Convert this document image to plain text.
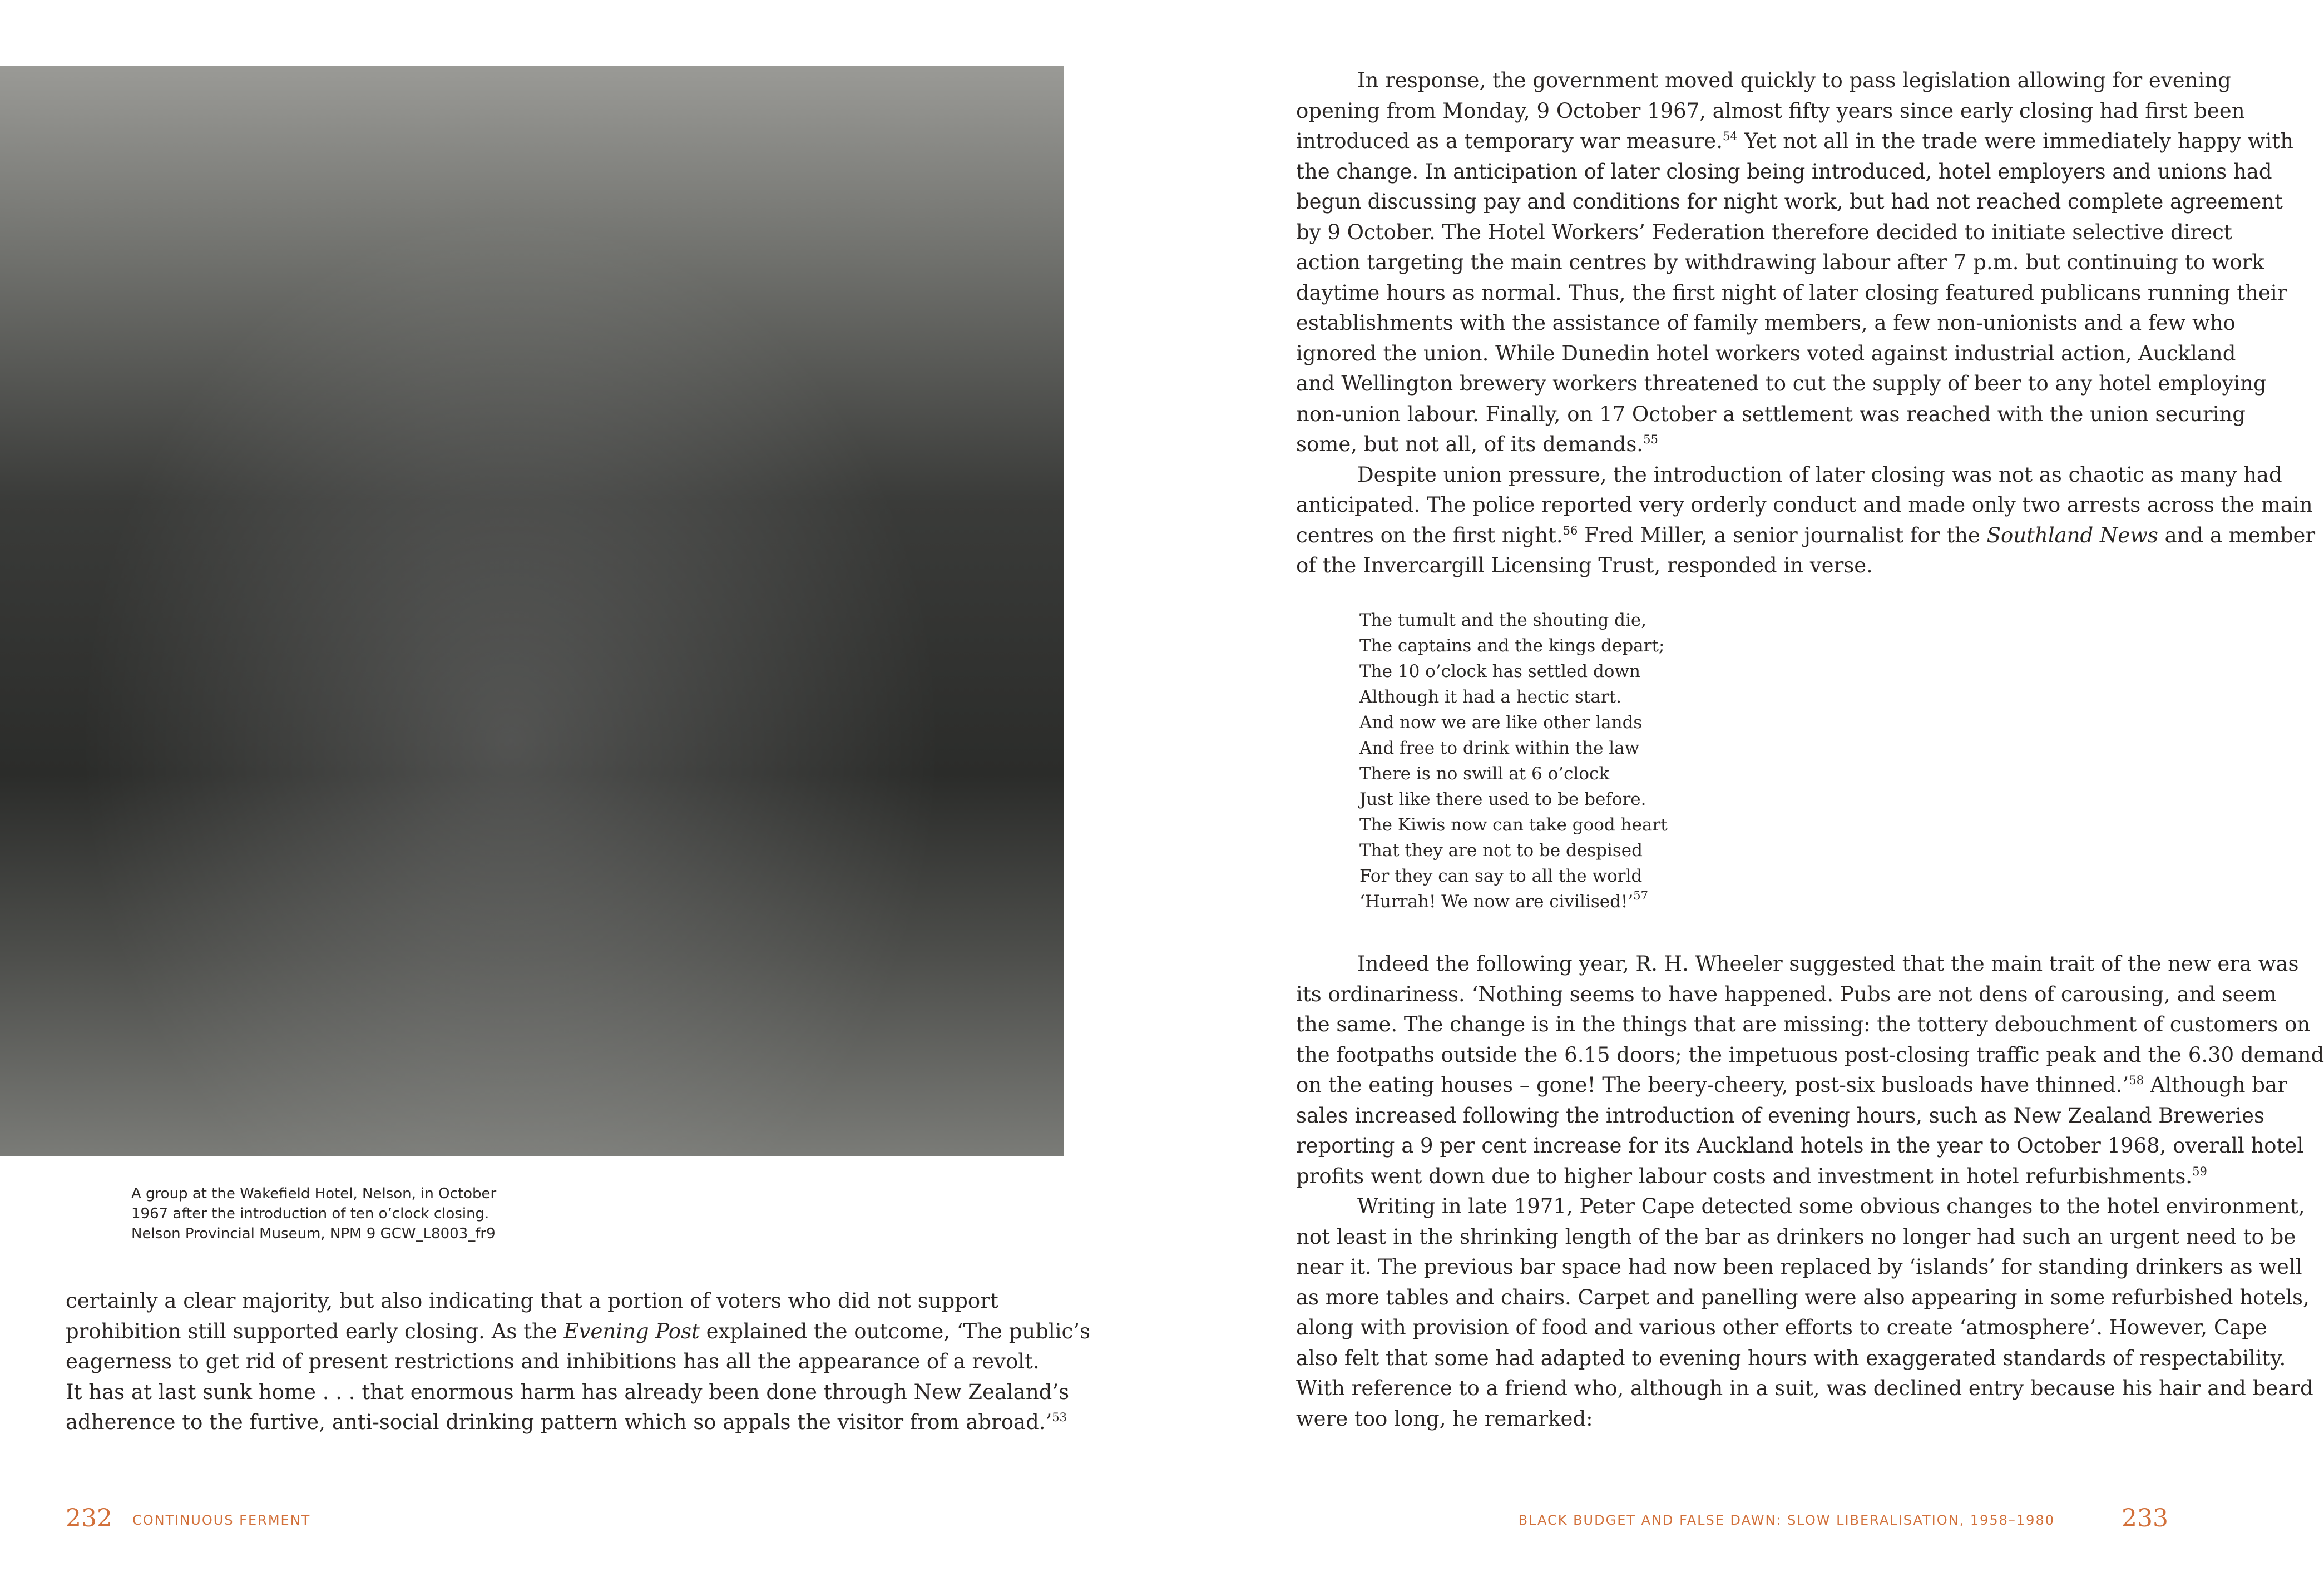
A group at the Wakefield Hotel, Nelson, in October
1967 after the introduction of ten o’clock closing.
Nelson Provincial Museum, NPM 9 GCW_L8003_fr9
certainly a clear majority, but also indicating that a portion of voters who did not support
prohibition still supported early closing. As the Evening Post explained the outcome, ‘The public’s
eagerness to get rid of present restrictions and inhibitions has all the appearance of a revolt.
It has at last sunk home . . . that enormous harm has already been done through New Zealand’s
adherence to the furtive, anti-social drinking pattern which so appals the visitor from abroad.’$^{53}$
232 CONTINUOUS FERMENT
In response, the government moved quickly to pass legislation allowing for evening
opening from Monday, 9 October 1967, almost fifty years since early closing had first been
introduced as a temporary war measure.$^{54}$ Yet not all in the trade were immediately happy with
the change. In anticipation of later closing being introduced, hotel employers and unions had
begun discussing pay and conditions for night work, but had not reached complete agreement
by 9 October. The Hotel Workers’ Federation therefore decided to initiate selective direct
action targeting the main centres by withdrawing labour after 7 p.m. but continuing to work
daytime hours as normal. Thus, the first night of later closing featured publicans running their
establishments with the assistance of family members, a few non-unionists and a few who
ignored the union. While Dunedin hotel workers voted against industrial action, Auckland
and Wellington brewery workers threatened to cut the supply of beer to any hotel employing
non-union labour. Finally, on 17 October a settlement was reached with the union securing
some, but not all, of its demands.$^{55}$
Despite union pressure, the introduction of later closing was not as chaotic as many had
anticipated. The police reported very orderly conduct and made only two arrests across the main
centres on the first night.$^{56}$ Fred Miller, a senior journalist for the Southland News and a member
of the Invercargill Licensing Trust, responded in verse.
The tumult and the shouting die,
The captains and the kings depart;
The 10 o’clock has settled down
Although it had a hectic start.
And now we are like other lands
And free to drink within the law
There is no swill at 6 o’clock
Just like there used to be before.
The Kiwis now can take good heart
That they are not to be despised
For they can say to all the world
‘Hurrah! We now are civilised!’$^{57}$
Indeed the following year, R. H. Wheeler suggested that the main trait of the new era was
its ordinariness. ‘Nothing seems to have happened. Pubs are not dens of carousing, and seem
the same. The change is in the things that are missing: the tottery debouchment of customers on
the footpaths outside the 6.15 doors; the impetuous post-closing traffic peak and the 6.30 demand
on the eating houses – gone! The beery-cheery, post-six busloads have thinned.’$^{58}$ Although bar
sales increased following the introduction of evening hours, such as New Zealand Breweries
reporting a 9 per cent increase for its Auckland hotels in the year to October 1968, overall hotel
profits went down due to higher labour costs and investment in hotel refurbishments.$^{59}$
Writing in late 1971, Peter Cape detected some obvious changes to the hotel environment,
not least in the shrinking length of the bar as drinkers no longer had such an urgent need to be
near it. The previous bar space had now been replaced by ‘islands’ for standing drinkers as well
as more tables and chairs. Carpet and panelling were also appearing in some refurbished hotels,
along with provision of food and various other efforts to create ‘atmosphere’. However, Cape
also felt that some had adapted to evening hours with exaggerated standards of respectability.
With reference to a friend who, although in a suit, was declined entry because his hair and beard
were too long, he remarked:
BLACK BUDGET AND FALSE DAWN: SLOW LIBERALISATION, 1958–1980	233
